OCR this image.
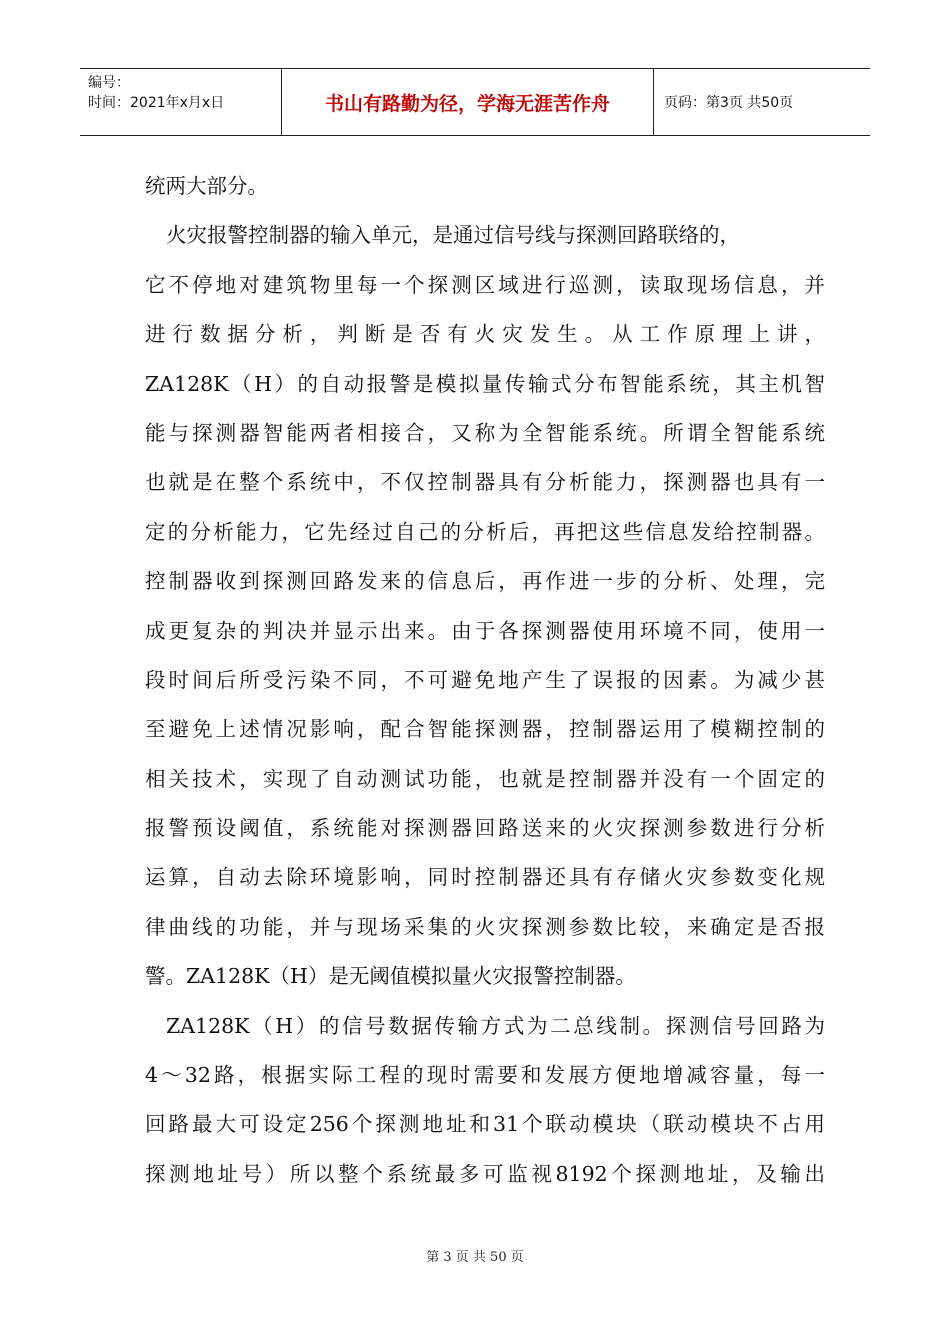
编号：
时间：2021年x月x日	书山有路勤为径，学海无涯苦作舟	页码：第3页 共50页
统两大部分。
火灾报警控制器的输入单元，是通过信号线与探测回路联络的，
它不停地对建筑物里每一个探测区域进行巡测，读取现场信息，并
进行数据分析，判断是否有火灾发生。从工作原理上讲，
ZA128K（H）的自动报警是模拟量传输式分布智能系统，其主机智
能与探测器智能两者相接合，又称为全智能系统。所谓全智能系统
也就是在整个系统中，不仅控制器具有分析能力，探测器也具有一
定的分析能力，它先经过自己的分析后，再把这些信息发给控制器。
控制器收到探测回路发来的信息后，再作进一步的分析、处理，完
成更复杂的判决并显示出来。由于各探测器使用环境不同，使用一
段时间后所受污染不同，不可避免地产生了误报的因素。为减少甚
至避免上述情况影响，配合智能探测器，控制器运用了模糊控制的
相关技术，实现了自动测试功能，也就是控制器并没有一个固定的
报警预设阈值，系统能对探测器回路送来的火灾探测参数进行分析
运算，自动去除环境影响，同时控制器还具有存储火灾参数变化规
律曲线的功能，并与现场采集的火灾探测参数比较，来确定是否报
警。ZA128K（H）是无阈值模拟量火灾报警控制器。
ZA128K（H）的信号数据传输方式为二总线制。探测信号回路为
4～32路，根据实际工程的现时需要和发展方便地增减容量，每一
回路最大可设定256个探测地址和31个联动模块（联动模块不占用
探测地址号）所以整个系统最多可监视8192个探测地址，及输出
第 3 页 共 50 页
